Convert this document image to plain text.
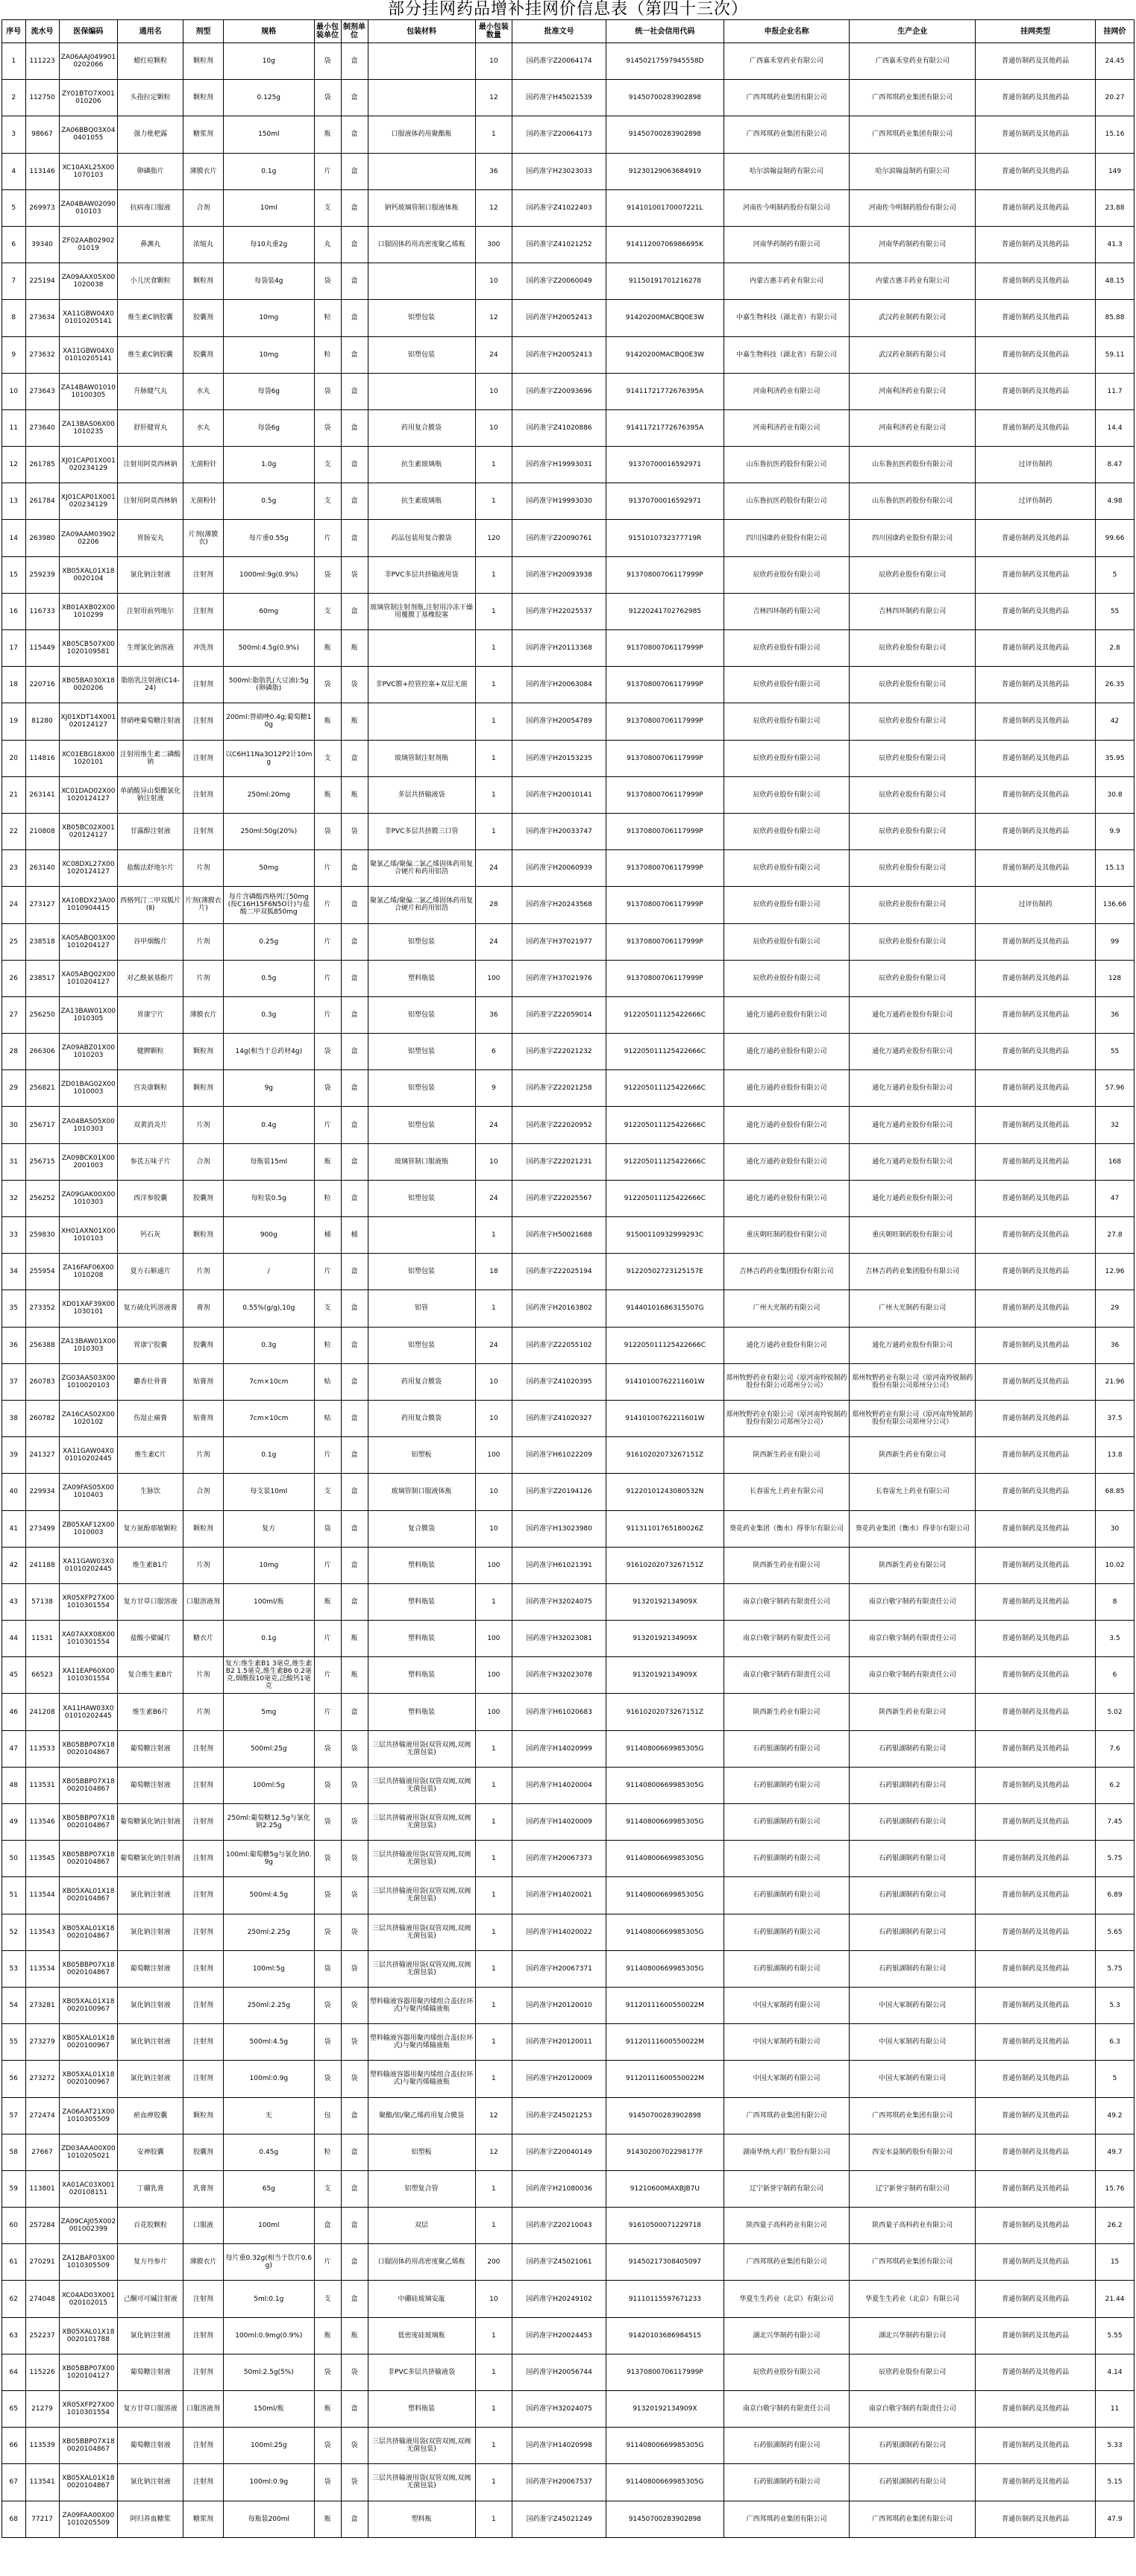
部分挂网药品增补挂网价信息表（第四十三次）
序号	流水号	医保编码	通用名	剂型	规格	最小包装单位	制剂单位	包装材料	最小包装数量	批准文号	统一社会信用代码	申报企业名称	生产企业	挂网类型	挂网价
1	111223	ZA06AAJ0499010202066	蜡红痘颗粒	颗粒剂	10g	袋	盒		10	国药准字Z20064174	91450217597945558D	广西嘉禾堂药业有限公司	广西嘉禾堂药业有限公司	普通仿制药及其他药品	24.45
2	112750	ZY01BTO7X001010206	头孢拉定颗粒	颗粒剂	0.125g	袋	盒		12	国药准字H45021539	91450700283902898	广西邦琪药业集团有限公司	广西邦琪药业集团有限公司	普通仿制药及其他药品	20.27
3	98667	ZA06BBQ03X040401055	强力枇杷露	糖浆剂	150ml	瓶	盒	口服液体药用聚酯瓶	1	国药准字Z20064173	91450700283902898	广西邦琪药业集团有限公司	广西邦琪药业集团有限公司	普通仿制药及其他药品	15.16
4	113146	XC10AXL25X001070103	卵磷脂片	薄膜衣片	0.1g	片	盒		36	国药准字H23023033	91230129063684919	哈尔滨翰益制药有限公司	哈尔滨翰益制药有限公司	普通仿制药及其他药品	149
5	269973	ZA04BAW02090010103	抗病毒口服液	合剂	10ml	支	盒	钠钙玻璃管制口服液体瓶	12	国药准字Z41022403	91410100170007221L	河南佐今明制药股份有限公司	河南佐今明制药股份有限公司	普通仿制药及其他药品	23.88
6	39340	ZF02AAB0290201019	鼻渊丸	浓缩丸	每10丸重2g	丸	盒	口服固体药用高密度聚乙烯瓶	300	国药准字Z41021252	91411200706986695K	河南华药制药有限公司	河南华药制药有限公司	普通仿制药及其他药品	41.3
7	225194	ZA09AAX05X001020038	小儿厌食颗粒	颗粒剂	每袋装4g	袋	盒		10	国药准字Z20060049	91150191701216278	内蒙古惠丰药业有限公司	内蒙古惠丰药业有限公司	普通仿制药及其他药品	48.15
8	273634	XA11GBW04X001010205141	维生素C钠胶囊	胶囊剂	10mg	粒	盒	铝塑包装	12	国药准字H20052413	91420200MACBQ0E3W	中嘉生物科技（湖北省）有限公司	武汉药业制药有限公司	普通仿制药及其他药品	85.88
9	273632	XA11GBW04X001010205141	维生素C钠胶囊	胶囊剂	10mg	粒	盒	铝塑包装	24	国药准字H20052413	91420200MACBQ0E3W	中嘉生物科技（湖北省）有限公司	武汉药业制药有限公司	普通仿制药及其他药品	59.11
10	273643	ZA14BAW0101010100305	升脉健气丸	水丸	每袋6g	袋	盒		10	国药准字Z20093696	91411721772676395A	河南利济药业有限公司	河南利济药业有限公司	普通仿制药及其他药品	11.7
11	273640	ZA13BAS06X001010235	舒肝健胃丸	水丸	每袋6g	袋	盒	药用复合膜袋	10	国药准字Z41020886	91411721772676395A	河南利济药业有限公司	河南利济药业有限公司	普通仿制药及其他药品	14.4
12	261785	XJ01CAP01X001020234129	注射用阿莫西林钠	无菌粉针	1.0g	支	盒	抗生素玻璃瓶	1	国药准字H19993031	91370700016592971	山东鲁抗医药股份有限公司	山东鲁抗医药股份有限公司	过评仿制药	8.47
13	261784	XJ01CAP01X001020234129	注射用阿莫西林钠	无菌粉针	0.5g	支	盒	抗生素玻璃瓶	1	国药准字H19993030	91370700016592971	山东鲁抗医药股份有限公司	山东鲁抗医药股份有限公司	过评仿制药	4.98
14	263980	ZA09AAM0390202206	胃肠安丸	片剂(薄膜衣)	每片重0.55g	片	盒	药品包装用复合膜袋	120	国药准字Z20090761	9151010732377719R	四川国康药业股份有限公司	四川国康药业股份有限公司	普通仿制药及其他药品	99.66
15	259239	XB05XAL01X180020104	氯化钠注射液	注射剂	1000ml:9g(0.9%)	袋	袋	非PVC多层共挤输液用袋	1	国药准字H20093938	91370800706117999P	辰欣药业股份有限公司	辰欣药业股份有限公司	普通仿制药及其他药品	5
16	116733	XB01AXB02X001010299	注射用前列地尔	注射剂	60mg	支	盒	玻璃管制注射剂瓶,注射用冷冻干燥用覆膜丁基橡胶塞	1	国药准字H22025537	91220241702762985	吉林四环制药有限公司	吉林四环制药有限公司	普通仿制药及其他药品	55
17	115449	XB05CB507X001020109581	生理氯化钠溶液	冲洗剂	500ml:4.5g(0.9%)	瓶	瓶		1	国药准字H20113368	91370800706117999P	辰欣药业股份有限公司	辰欣药业股份有限公司	普通仿制药及其他药品	2.8
18	220716	XB05BA030X180020206	脂肪乳注射液(C14-24)	注射剂	500ml:脂肪乳(大豆油):5g(卵磷脂)	袋	袋	非PVC膜+控管控塞+双层无菌	1	国药准字H20063084	91370800706117999P	辰欣药业股份有限公司	辰欣药业股份有限公司	普通仿制药及其他药品	26.35
19	81280	XJ01XDT14X001020124127	替硝唑葡萄糖注射液	注射剂	200ml:替硝唑0.4g;葡萄糖10g	瓶	瓶		1	国药准字H20054789	91370800706117999P	辰欣药业股份有限公司	辰欣药业股份有限公司	普通仿制药及其他药品	42
20	114816	XC01EBG18X001020101	注射用维生素二磷酸钠	注射剂	以C6H11Na3O12P2计10mg	支	盒	玻璃管制注射剂瓶	1	国药准字H20153235	91370800706117999P	辰欣药业股份有限公司	辰欣药业股份有限公司	普通仿制药及其他药品	35.95
21	263141	XC01DAD02X001020124127	单硝酸异山梨酯氯化钠注射液	注射剂	250ml:20mg	瓶	瓶	多层共挤输液袋	1	国药准字H20010141	91370800706117999P	辰欣药业股份有限公司	辰欣药业股份有限公司	普通仿制药及其他药品	30.8
22	210808	XB05BC02X001020124127	甘露醇注射液	注射剂	250ml:50g(20%)	袋	袋	非PVC多层共挤膜三口管	1	国药准字H20033747	91370800706117999P	辰欣药业股份有限公司	辰欣药业股份有限公司	普通仿制药及其他药品	9.9
23	263140	XC08DXL27X001020124127	盐酸法舒地尔片	片剂	50mg	片	盒	聚氯乙烯/聚偏二氯乙烯固体药用复合硬片和药用铝箔	24	国药准字H20060939	91370800706117999P	辰欣药业股份有限公司	辰欣药业股份有限公司	普通仿制药及其他药品	15.13
24	273127	XA10BDX23A001010904415	西格列汀二甲双胍片(Ⅱ)	片剂(薄膜衣片)	每片含磷酸西格列汀50mg(按C16H15F6N5O计)与盐酸二甲双胍850mg	片	盒	聚氯乙烯/聚偏二氯乙烯固体药用复合硬片和药用铝箔	28	国药准字H20243568	91370800706117999P	辰欣药业股份有限公司	辰欣药业股份有限公司	过评仿制药	136.66
25	238518	XA05ABQ03X001010204127	谷甲烟酸片	片剂	0.25g	片	盒	铝塑包装	24	国药准字H37021977	91370800706117999P	辰欣药业股份有限公司	辰欣药业股份有限公司	普通仿制药及其他药品	99
26	238517	XA05ABQ02X001010204127	对乙酰氨基酚片	片剂	0.5g	片	盒	塑料瓶装	100	国药准字H37021976	91370800706117999P	辰欣药业股份有限公司	辰欣药业股份有限公司	普通仿制药及其他药品	128
27	256250	ZA13BAW01X001010305	胃康宁片	薄膜衣片	0.3g	片	盒	铝塑包装	36	国药准字Z22059014	912205011125422666C	通化万通药业股份有限公司	通化万通药业股份有限公司	普通仿制药及其他药品	36
28	266306	ZA09ABZ01X001010203	健脾颗粒	颗粒剂	14g(相当于总药材4g)	袋	盒	铝塑包装	6	国药准字Z22021232	912205011125422666C	通化万通药业股份有限公司	通化万通药业股份有限公司	普通仿制药及其他药品	55
29	256821	ZD01BAG02X001010003	宫炎康颗粒	颗粒剂	9g	袋	盒	铝塑包装	9	国药准字Z22021258	912205011125422666C	通化万通药业股份有限公司	通化万通药业股份有限公司	普通仿制药及其他药品	57.96
30	256717	ZA04BAS05X001010303	双黄消炎片	片剂	0.4g	片	盒	铝塑包装	24	国药准字Z22020952	912205011125422666C	通化万通药业股份有限公司	通化万通药业股份有限公司	普通仿制药及其他药品	32
31	256715	ZA09BCK01X002001003	参芪五味子片	合剂	每瓶装15ml	瓶	盒	玻璃管制口服液瓶	10	国药准字Z22021231	912205011125422666C	通化万通药业股份有限公司	通化万通药业股份有限公司	普通仿制药及其他药品	168
32	256252	ZA09GAK00X001010303	西洋参胶囊	胶囊剂	每粒装0.5g	粒	盒	铝塑包装	24	国药准字Z22025567	912205011125422666C	通化万通药业股份有限公司	通化万通药业股份有限公司	普通仿制药及其他药品	47
33	259830	XH01AXN01X001010103	钙石灰	颗粒剂	900g	桶	桶		1	国药准字H50021688	91500110932999293C	重庆朝旺制药股份有限公司	重庆朝旺制药股份有限公司	普通仿制药及其他药品	27.8
34	255954	ZA16FAF06X001010208	夏方石斛通片	片剂	/	片	盒	铝塑包装	18	国药准字Z22025194	91220502723125157E	吉林吉药药业集团股份有限公司	吉林吉药药业集团股份有限公司	普通仿制药及其他药品	12.96
35	273352	XD01XAF39X001030101	复方硫化钙溶液膏	膏剂	0.55%(g/g),10g	支	盒	铝管	1	国药准字H20163802	91440101686315507G	广州大光制药有限公司	广州大光制药有限公司	普通仿制药及其他药品	29
36	256388	ZA13BAW01X001010303	胃康宁胶囊	胶囊剂	0.3g	粒	盒	铝塑包装	24	国药准字Z22055102	912205011125422666C	通化万通药业股份有限公司	通化万通药业股份有限公司	普通仿制药及其他药品	36
37	260783	ZG03AAS03X001010020103	麝香壮骨膏	贴膏剂	7cm×10cm	贴	盒	药用复合膜袋	10	国药准字Z41020395	91410100762211601W	郑州牧野药业有限公司（原河南羚锐制药股份有限公司郑州分公司）	郑州牧野药业有限公司（原河南羚锐制药股份有限公司郑州分公司）	普通仿制药及其他药品	21.96
38	260782	ZA16CAS02X001020102	伤湿止痛膏	贴膏剂	7cm×10cm	贴	盒	药用复合膜袋	10	国药准字Z41020327	91410100762211601W	郑州牧野药业有限公司（原河南羚锐制药股份有限公司郑州分公司）	郑州牧野药业有限公司（原河南羚锐制药股份有限公司郑州分公司）	普通仿制药及其他药品	37.5
39	241327	XA11GAW04X001010202445	维生素C片	片剂	0.1g	片	盒	铝塑板	100	国药准字H61022209	91610202073267151Z	陕西新生药业有限公司	陕西新生药业有限公司	普通仿制药及其他药品	13.8
40	229934	ZA09FAS05X001010403	生脉饮	合剂	每支装10ml	支	盒	玻璃管制口服液体瓶	10	国药准字Z20194126	91220101243080532N	长春雷允上药业有限公司	长春雷允上药业有限公司	普通仿制药及其他药品	68.85
41	273499	ZB05XAF12X001010003	复方氨酚那敏颗粒	颗粒剂	复方	袋	盒	复合膜袋	10	国药准字H13023980	91131101765180026Z	葵花药业集团（衡水）得菲尔有限公司	葵花药业集团（衡水）得菲尔有限公司	普通仿制药及其他药品	30
42	241188	XA11GAW03X001010202445	维生素B1片	片剂	10mg	片	盒	塑料瓶装	100	国药准字H61021391	91610202073267151Z	陕西新生药业有限公司	陕西新生药业有限公司	普通仿制药及其他药品	10.02
43	57138	XR05XFP27X001010301554	复方甘草口服溶液	口服溶液剂	100ml/瓶	瓶	盒	塑料瓶装	1	国药准字H32024075	91320192134909X	南京白敬宇制药有限责任公司	南京白敬宇制药有限责任公司	普通仿制药及其他药品	8
44	11531	XA07AXX08X001010301554	盐酸小檗碱片	糖衣片	0.1g	片	瓶	塑料瓶装	100	国药准字H32023081	91320192134909X	南京白敬宇制药有限责任公司	南京白敬宇制药有限责任公司	普通仿制药及其他药品	3.5
45	66523	XA11EAP60X001010301554	复合维生素B片	片剂	复方:维生素B1 3毫克,维生素B2 1.5毫克,维生素B6 0.2毫克,烟酰胺10毫克,泛酸钙1毫克	片	瓶	塑料瓶装	100	国药准字H32023078	91320192134909X	南京白敬宇制药有限责任公司	南京白敬宇制药有限责任公司	普通仿制药及其他药品	6
46	241208	XA11HAW03X001010202445	维生素B6片	片剂	5mg	片	盒	塑料瓶装	100	国药准字H61020683	91610202073267151Z	陕西新生药业有限公司	陕西新生药业有限公司	普通仿制药及其他药品	5.02
47	113533	XB05BBP07X180020104867	葡萄糖注射液	注射剂	500ml:25g	袋	袋	三层共挤输液用袋(双管双阀,双阀无菌包装)	1	国药准字H14020999	91140800669985305G	石药银湖制药有限公司	石药银湖制药有限公司	普通仿制药及其他药品	7.6
48	113531	XB05BBP07X180020104867	葡萄糖注射液	注射剂	100ml:5g	袋	袋	三层共挤输液用袋(双管双阀,双阀无菌包装)	1	国药准字H14020004	91140800669985305G	石药银湖制药有限公司	石药银湖制药有限公司	普通仿制药及其他药品	6.2
49	113546	XB05BBP07X180020104867	葡萄糖氯化钠注射液	注射剂	250ml:葡萄糖12.5g与氯化钠2.25g	袋	袋	三层共挤输液用袋(双管双阀,双阀无菌包装)	1	国药准字H14020009	91140800669985305G	石药银湖制药有限公司	石药银湖制药有限公司	普通仿制药及其他药品	7.45
50	113545	XB05BBP07X180020104867	葡萄糖氯化钠注射液	注射剂	100ml:葡萄糖5g与氯化钠0.9g	袋	袋	三层共挤输液用袋(双管双阀,双阀无菌包装)	1	国药准字H20067373	91140800669985305G	石药银湖制药有限公司	石药银湖制药有限公司	普通仿制药及其他药品	5.75
51	113544	XB05XAL01X180020104867	氯化钠注射液	注射剂	500ml:4.5g	袋	袋	三层共挤输液用袋(双管双阀,双阀无菌包装)	1	国药准字H14020021	91140800669985305G	石药银湖制药有限公司	石药银湖制药有限公司	普通仿制药及其他药品	6.89
52	113543	XB05XAL01X180020104867	氯化钠注射液	注射剂	250ml:2.25g	袋	袋	三层共挤输液用袋(双管双阀,双阀无菌包装)	1	国药准字H14020022	91140800669985305G	石药银湖制药有限公司	石药银湖制药有限公司	普通仿制药及其他药品	5.65
53	113534	XB05BBP07X180020104867	葡萄糖注射液	注射剂	100ml:5g	袋	袋	三层共挤输液用袋(双管双阀,双阀无菌包装)	1	国药准字H20067371	91140800669985305G	石药银湖制药有限公司	石药银湖制药有限公司	普通仿制药及其他药品	5.75
54	273281	XB05XAL01X180020100967	氯化钠注射液	注射剂	250ml:2.25g	袋	袋	塑料输液容器用聚丙烯组合盖(拉环式)与聚丙烯输液瓶	1	国药准字H20120010	91120111600550022M	中国大冢制药有限公司	中国大冢制药有限公司	普通仿制药及其他药品	5.3
55	273279	XB05XAL01X180020100967	氯化钠注射液	注射剂	500ml:4.5g	袋	袋	塑料输液容器用聚丙烯组合盖(拉环式)与聚丙烯输液瓶	1	国药准字H20120011	91120111600550022M	中国大冢制药有限公司	中国大冢制药有限公司	普通仿制药及其他药品	6.3
56	273272	XB05XAL01X180020100967	氯化钠注射液	注射剂	100ml:0.9g	袋	袋	塑料输液容器用聚丙烯组合盖(拉环式)与聚丙烯输液瓶	1	国药准字H20120009	91120111600550022M	中国大冢制药有限公司	中国大冢制药有限公司	普通仿制药及其他药品	5
57	272474	ZA06AAT21X001010305509	瘀血痹胶囊	颗粒剂	无	包	盒	聚酯/铝/聚乙烯药用复合膜袋	12	国药准字Z45021253	91450700283902898	广西邦琪药业集团有限公司	广西邦琪药业集团有限公司	普通仿制药及其他药品	49.2
58	27667	ZD03AAA00X001010205021	安神胶囊	胶囊剂	0.45g	粒	盒	铝塑板	12	国药准字Z20040149	91430200702298177F	湖南华纳大药厂股份有限公司	西安水益制药股份有限公司	普通仿制药及其他药品	49.7
59	113801	XA01AC03X001020108151	丁硼乳膏	乳膏剂	65g	支	盒	铝塑复合管	1	国药准字H21080036	91210600MAXBJB7U	辽宁新誉宇制药有限公司	辽宁新誉宇制药有限公司	普通仿制药及其他药品	15.76
60	257284	ZA09CAJ05X002001002399	百花胶颗粒	口服液	100ml	盒	盒	双层	1	国药准字Z20210043	91610500071229718	陕西量子高科药业有限公司	陕西量子高科药业有限公司	普通仿制药及其他药品	26.2
61	270291	ZA12BAF03X001010305509	复方丹参片	薄膜衣片	每片重0.32g(相当于饮片0.6g)	片	盒	口服固体药用高密度聚乙烯瓶	200	国药准字Z45021061	91450217308405097	广西邦琪药业集团有限公司	广西邦琪药业集团有限公司	普通仿制药及其他药品	15
62	274048	XC04AD03X001020102015	己酮可可碱注射液	注射剂	5ml:0.1g	支	盒	中硼硅玻璃安瓿	10	国药准字H20249102	91110115597671233	华夏生生药业（北京）有限公司	华夏生生药业（北京）有限公司	普通仿制药及其他药品	21.44
63	252237	XB05XAL01X180020101788	氯化钠注射液	注射剂	100ml:0.9mg(0.9%)	瓶	瓶	低密度硅玻璃瓶	1	国药准字H20024453	91420103686984515	湖北兴华制药有限公司	湖北兴华制药有限公司	普通仿制药及其他药品	5.55
64	115226	XB05BBP07X001020104127	葡萄糖注射液	注射剂	50ml:2.5g(5%)	袋	袋	非PVC多层共挤输液袋	1	国药准字H20056744	91370800706117999P	辰欣药业股份有限公司	辰欣药业股份有限公司	普通仿制药及其他药品	4.14
65	21279	XR05XFP27X001010301554	复方甘草口服溶液	口服溶液剂	150ml/瓶	瓶	盒	塑料瓶装	1	国药准字H32024075	91320192134909X	南京白敬宇制药有限责任公司	南京白敬宇制药有限责任公司	普通仿制药及其他药品	11
66	113539	XB05BBP07X180020104867	葡萄糖注射液	注射剂	100ml:25g	袋	袋	三层共挤输液用袋(双管双阀,双阀无菌包装)	1	国药准字H14020998	91140800669985305G	石药银湖制药有限公司	石药银湖制药有限公司	普通仿制药及其他药品	5.33
67	113541	XB05XAL01X180020104867	氯化钠注射液	注射剂	100ml:0.9g	袋	袋	三层共挤输液用袋(双管双阀,双阀无菌包装)	1	国药准字H20067537	91140800669985305G	石药银湖制药有限公司	石药银湖制药有限公司	普通仿制药及其他药品	5.15
68	77217	ZA09FAA00X001010205509	阿归养血糖浆	糖浆剂	每瓶装200ml	瓶	盒	塑料瓶	1	国药准字Z45021249	91450700283902898	广西邦琪药业集团有限公司	广西邦琪药业集团有限公司	普通仿制药及其他药品	47.9
